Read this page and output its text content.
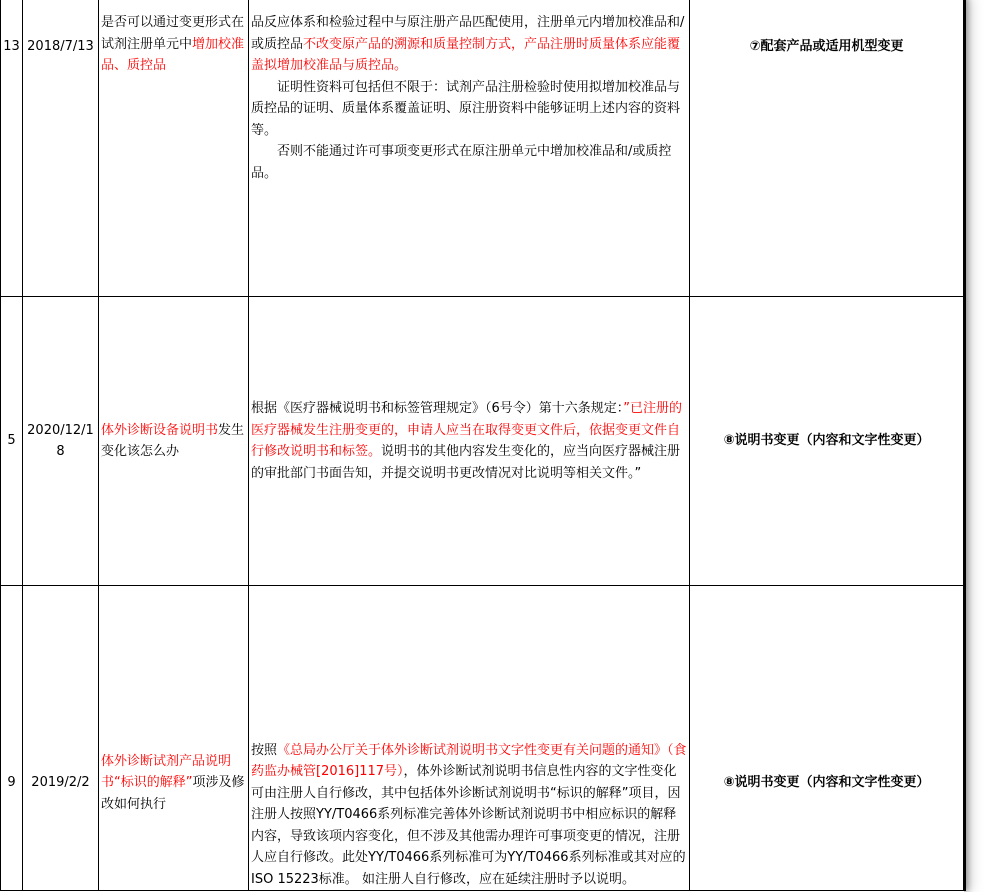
13	2018/7/13	是否可以通过变更形式在试剂注册单元中增加校准品、质控品	品反应体系和检验过程中与原注册产品匹配使用，注册单元内增加校准品和/或质控品不改变原产品的溯源和质量控制方式，产品注册时质量体系应能覆盖拟增加校准品与质控品。

证明性资料可包括但不限于：试剂产品注册检验时使用拟增加校准品与质控品的证明、质量体系覆盖证明、原注册资料中能够证明上述内容的资料等。

否则不能通过许可事项变更形式在原注册单元中增加校准品和/或质控品。	⑦配套产品或适用机型变更
5	2020/12/18	体外诊断设备说明书发生变化该怎么办	根据《医疗器械说明书和标签管理规定》（6号令）第十六条规定：”已注册的医疗器械发生注册变更的，申请人应当在取得变更文件后，依据变更文件自行修改说明书和标签。说明书的其他内容发生变化的，应当向医疗器械注册的审批部门书面告知，并提交说明书更改情况对比说明等相关文件。”	⑧说明书变更（内容和文字性变更）
9	2019/2/2	体外诊断试剂产品说明书“标识的解释”项涉及修改如何执行	按照《总局办公厅关于体外诊断试剂说明书文字性变更有关问题的通知》（食药监办械管[2016]117号），体外诊断试剂说明书信息性内容的文字性变化可由注册人自行修改，其中包括体外诊断试剂说明书“标识的解释”项目，因注册人按照YY/T0466系列标准完善体外诊断试剂说明书中相应标识的解释内容，导致该项内容变化，但不涉及其他需办理许可事项变更的情况，注册人应自行修改。此处YY/T0466系列标准可为YY/T0466系列标准或其对应的ISO 15223标准。 如注册人自行修改，应在延续注册时予以说明。	⑧说明书变更（内容和文字性变更）
